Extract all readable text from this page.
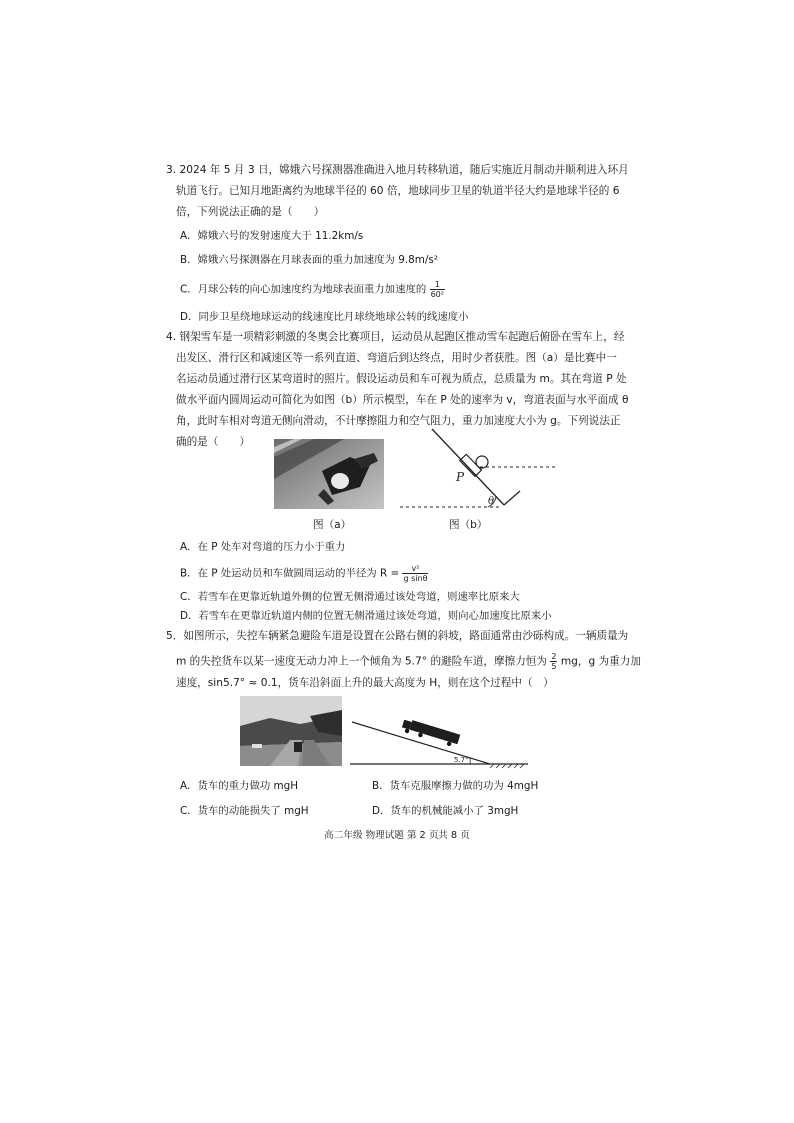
3. 2024 年 5 月 3 日，嫦娥六号探测器准确进入地月转移轨道，随后实施近月制动并顺利进入环月
轨道飞行。已知月地距离约为地球半径的 60 倍，地球同步卫星的轨道半径大约是地球半径的 6
倍，下列说法正确的是（　　）
A．嫦娥六号的发射速度大于 11.2km/s
B．嫦娥六号探测器在月球表面的重力加速度为 9.8m/s²
C．月球公转的向心加速度约为地球表面重力加速度的 $\frac{1}{\text{60²}}$
D．同步卫星绕地球运动的线速度比月球绕地球公转的线速度小
4. 钢架雪车是一项精彩刺激的冬奥会比赛项目，运动员从起跑区推动雪车起跑后俯卧在雪车上，经
出发区、滑行区和减速区等一系列直道、弯道后到达终点，用时少者获胜。图（a）是比赛中一
名运动员通过滑行区某弯道时的照片。假设运动员和车可视为质点，总质量为 m。其在弯道 P 处
做水平面内圆周运动可简化为如图（b）所示模型，车在 P 处的速率为 v，弯道表面与水平面成 θ
角，此时车相对弯道无侧向滑动，不计摩擦阻力和空气阻力，重力加速度大小为 g。下列说法正
确的是（　　）
图（a）
P
θ
图（b）
A．在 P 处车对弯道的压力小于重力
B．在 P 处运动员和车做圆周运动的半径为 $R = \frac{\text{v²}}{\text{g sinθ}}$
C．若雪车在更靠近轨道外侧的位置无侧滑通过该处弯道，则速率比原来大
D．若雪车在更靠近轨道内侧的位置无侧滑通过该处弯道，则向心加速度比原来小
5．如图所示，失控车辆紧急避险车道是设置在公路右侧的斜坡，路面通常由沙砾构成。一辆质量为
m 的失控货车以某一速度无动力冲上一个倾角为 5.7° 的避险车道，摩擦力恒为 $\frac{2}{5}$ mg，g 为重力加
速度，sin5.7° ≈ 0.1，货车沿斜面上升的最大高度为 H，则在这个过程中（　）
5.7°
A．货车的重力做功 mgH	B．货车克服摩擦力做的功为 4mgH
C．货车的动能损失了 mgH	D．货车的机械能减小了 3mgH
高二年级 物理试题 第 2 页共 8 页
